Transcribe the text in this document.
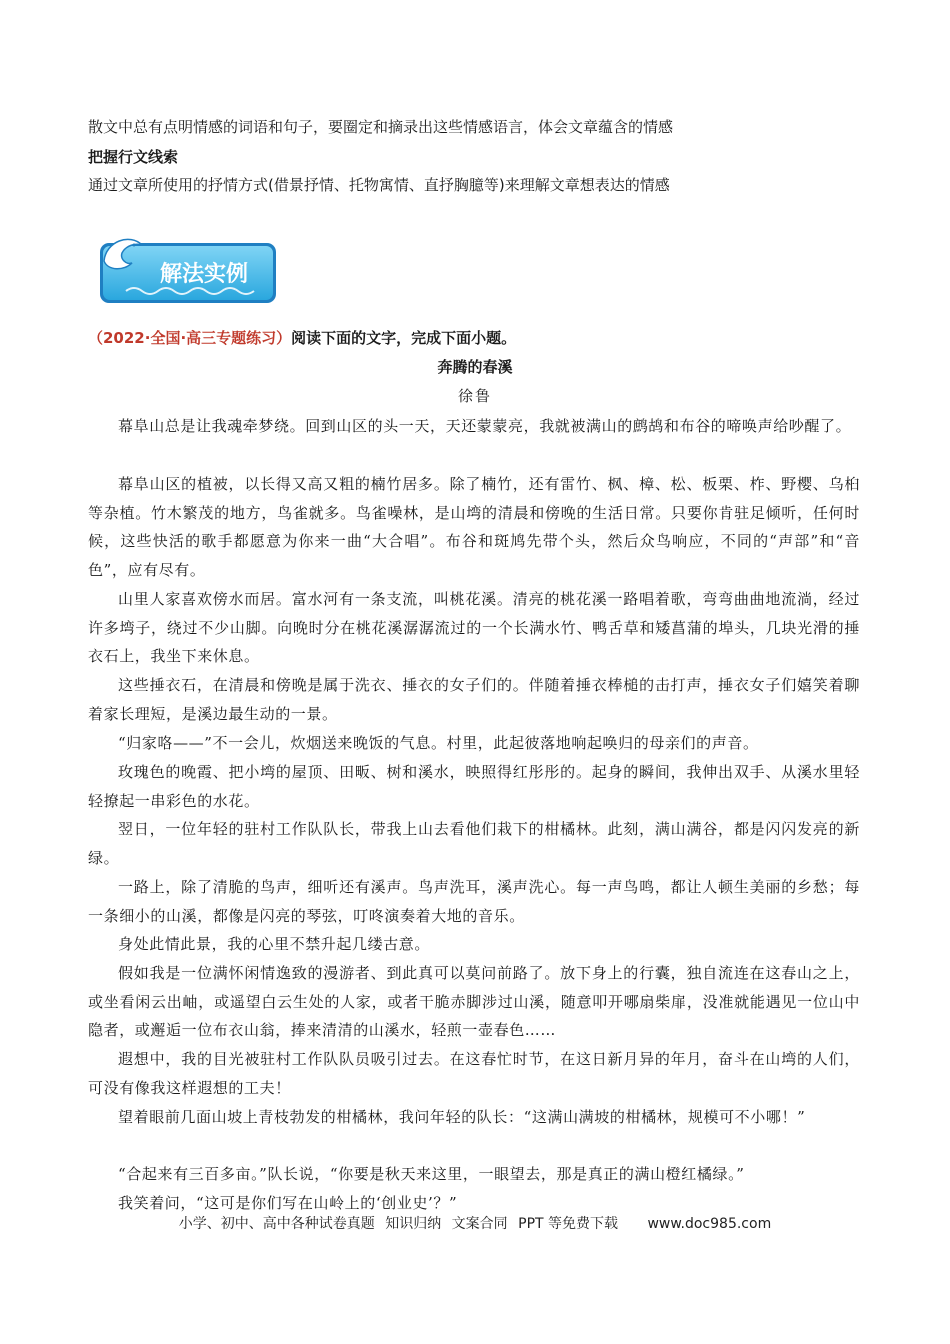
散文中总有点明情感的词语和句子，要圈定和摘录出这些情感语言，体会文章蕴含的情感
把握行文线索
通过文章所使用的抒情方式(借景抒情、托物寓情、直抒胸臆等)来理解文章想表达的情感
解法实例
（2022·全国·高三专题练习）阅读下面的文字，完成下面小题。
奔腾的春溪
徐鲁
幕阜山总是让我魂牵梦绕。回到山区的头一天，天还蒙蒙亮，我就被满山的鹧鸪和布谷的啼唤声给吵醒了。
幕阜山区的植被，以长得又高又粗的楠竹居多。除了楠竹，还有雷竹、枫、樟、松、板栗、柞、野樱、乌桕等杂植。竹木繁茂的地方，鸟雀就多。鸟雀噪林，是山塆的清晨和傍晚的生活日常。只要你肯驻足倾听，任何时候，这些快活的歌手都愿意为你来一曲“大合唱”。布谷和斑鸠先带个头，然后众鸟响应，不同的“声部”和“音色”，应有尽有。
山里人家喜欢傍水而居。富水河有一条支流，叫桃花溪。清亮的桃花溪一路唱着歌，弯弯曲曲地流淌，经过许多塆子，绕过不少山脚。向晚时分在桃花溪潺潺流过的一个长满水竹、鸭舌草和矮菖蒲的埠头，几块光滑的捶衣石上，我坐下来休息。
这些捶衣石，在清晨和傍晚是属于洗衣、捶衣的女子们的。伴随着捶衣棒槌的击打声，捶衣女子们嬉笑着聊着家长理短，是溪边最生动的一景。
“归家咯——”不一会儿，炊烟送来晚饭的气息。村里，此起彼落地响起唤归的母亲们的声音。
玫瑰色的晚霞、把小塆的屋顶、田畈、树和溪水，映照得红彤彤的。起身的瞬间，我伸出双手、从溪水里轻轻撩起一串彩色的水花。
翌日，一位年轻的驻村工作队队长，带我上山去看他们栽下的柑橘林。此刻，满山满谷，都是闪闪发亮的新绿。
一路上，除了清脆的鸟声，细听还有溪声。鸟声洗耳，溪声洗心。每一声鸟鸣，都让人顿生美丽的乡愁；每一条细小的山溪，都像是闪亮的琴弦，叮咚演奏着大地的音乐。
身处此情此景，我的心里不禁升起几缕古意。
假如我是一位满怀闲情逸致的漫游者、到此真可以莫问前路了。放下身上的行囊，独自流连在这春山之上，或坐看闲云出岫，或遥望白云生处的人家，或者干脆赤脚涉过山溪，随意叩开哪扇柴扉，没准就能遇见一位山中隐者，或邂逅一位布衣山翁，捧来清清的山溪水，轻煎一壶春色……
遐想中，我的目光被驻村工作队队员吸引过去。在这春忙时节，在这日新月异的年月，奋斗在山塆的人们，可没有像我这样遐想的工夫！
望着眼前几面山坡上青枝勃发的柑橘林，我问年轻的队长：“这满山满坡的柑橘林，规模可不小哪！”
“合起来有三百多亩。”队长说，“你要是秋天来这里，一眼望去，那是真正的满山橙红橘绿。”
我笑着问，“这可是你们写在山岭上的‘创业史’？”
小学、初中、高中各种试卷真题 知识归纳 文案合同 PPT 等免费下载 www.doc985.com
